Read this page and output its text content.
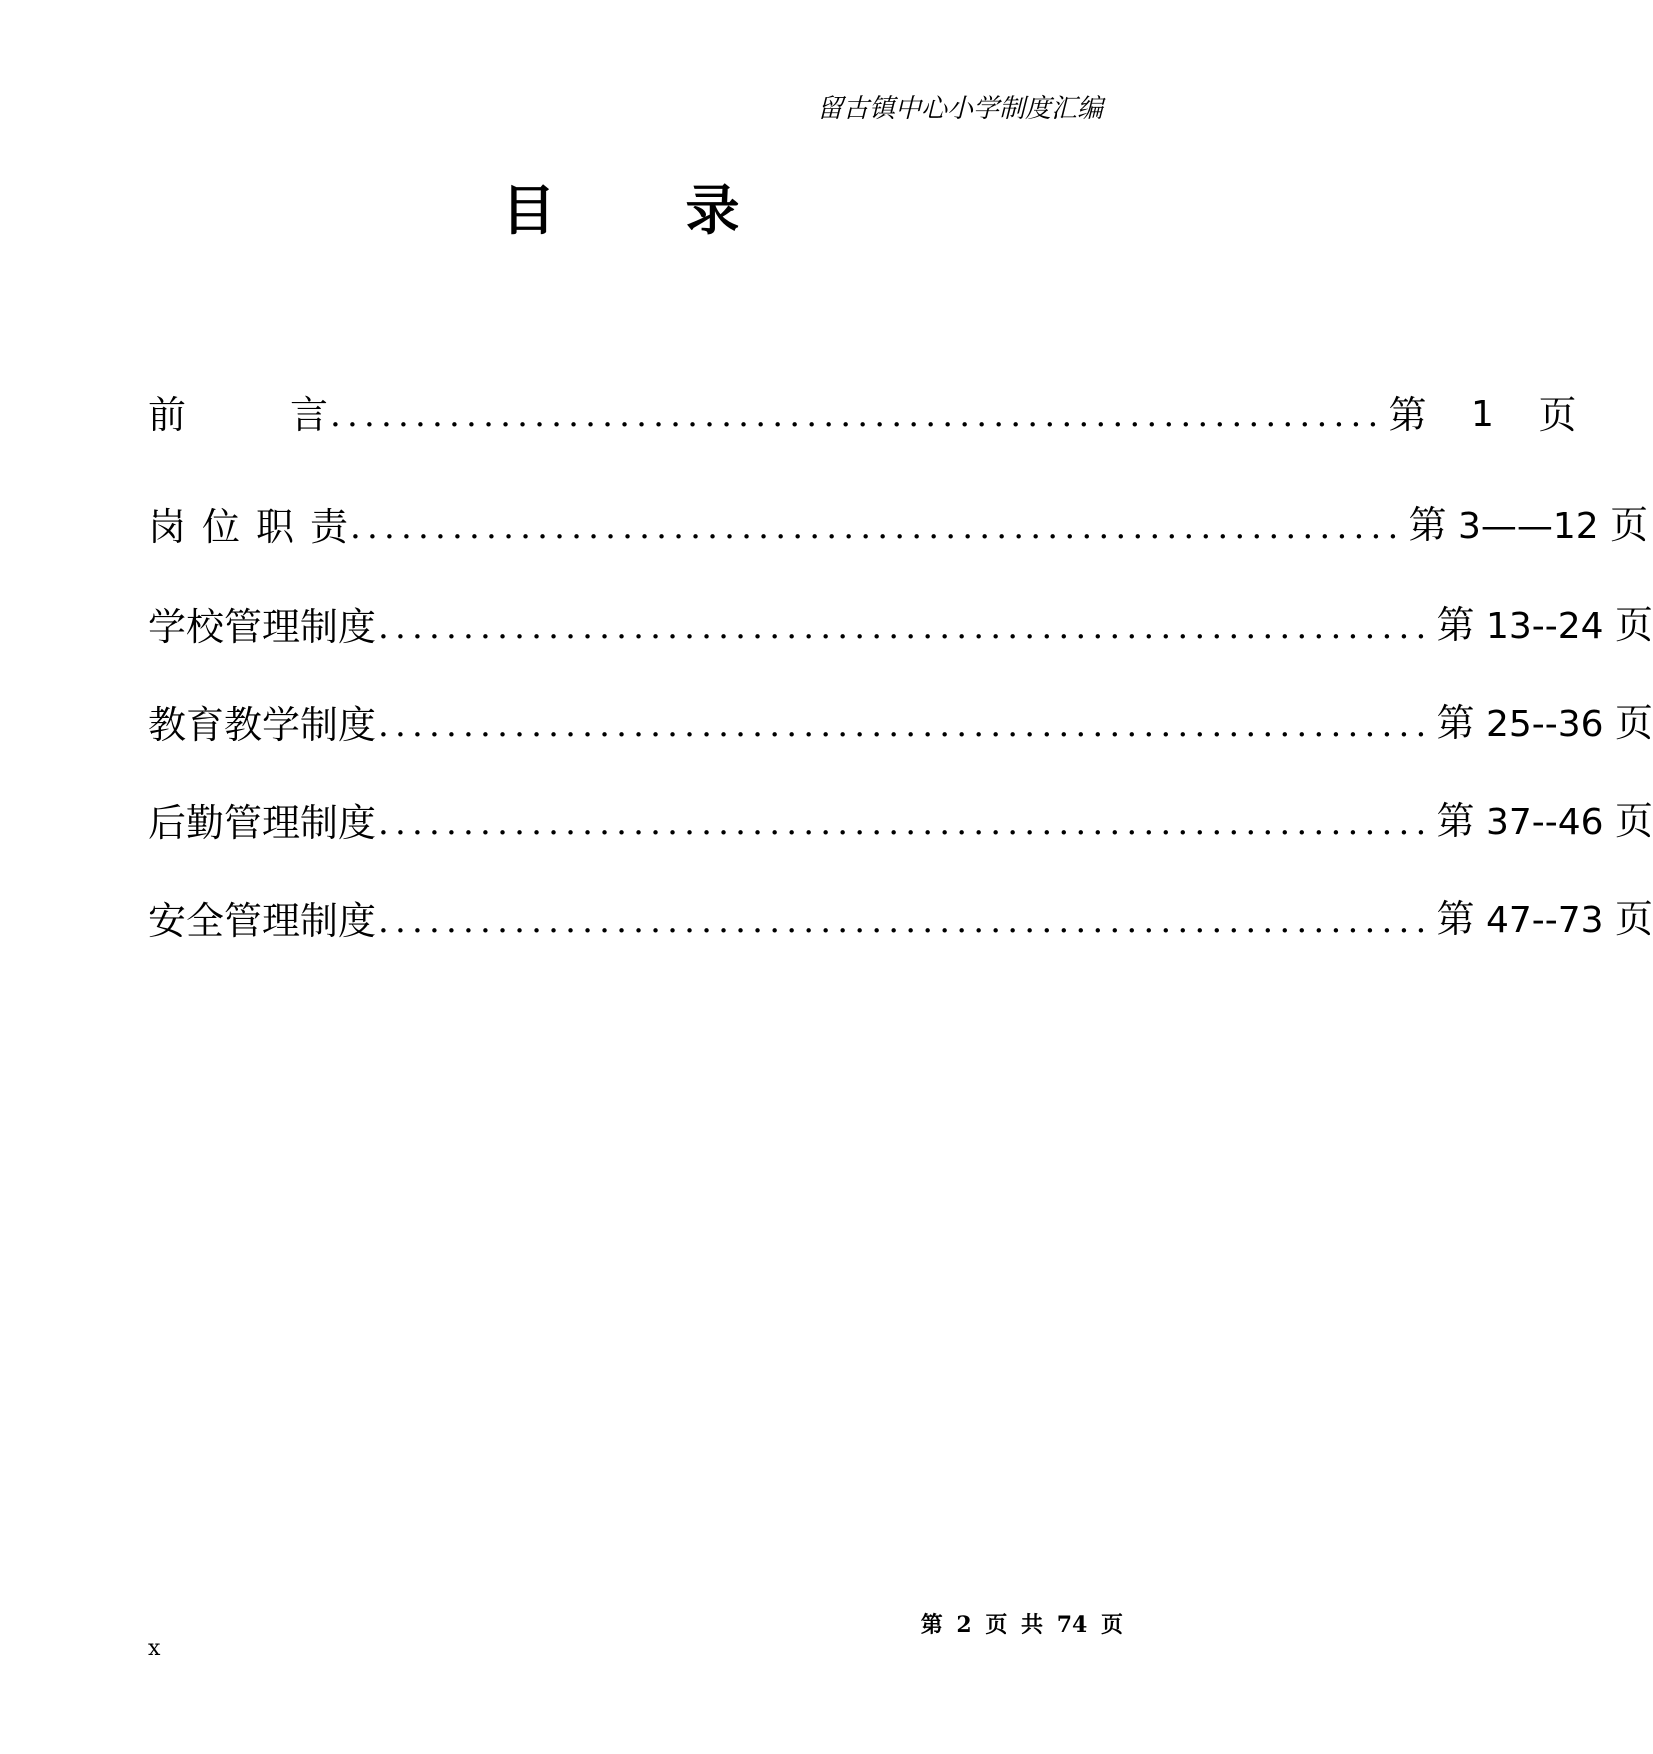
留古镇中心小学制度汇编
目 录
前	言 .............................................................. 第 1 页
岗 位 职 责 .............................................................. 第 3——12 页
学校管理制度 .............................................................. 第 13--24 页
教育教学制度 .............................................................. 第 25--36 页
后勤管理制度 .............................................................. 第 37--46 页
安全管理制度 .............................................................. 第 47--73 页
第 2 页 共 74 页
x
